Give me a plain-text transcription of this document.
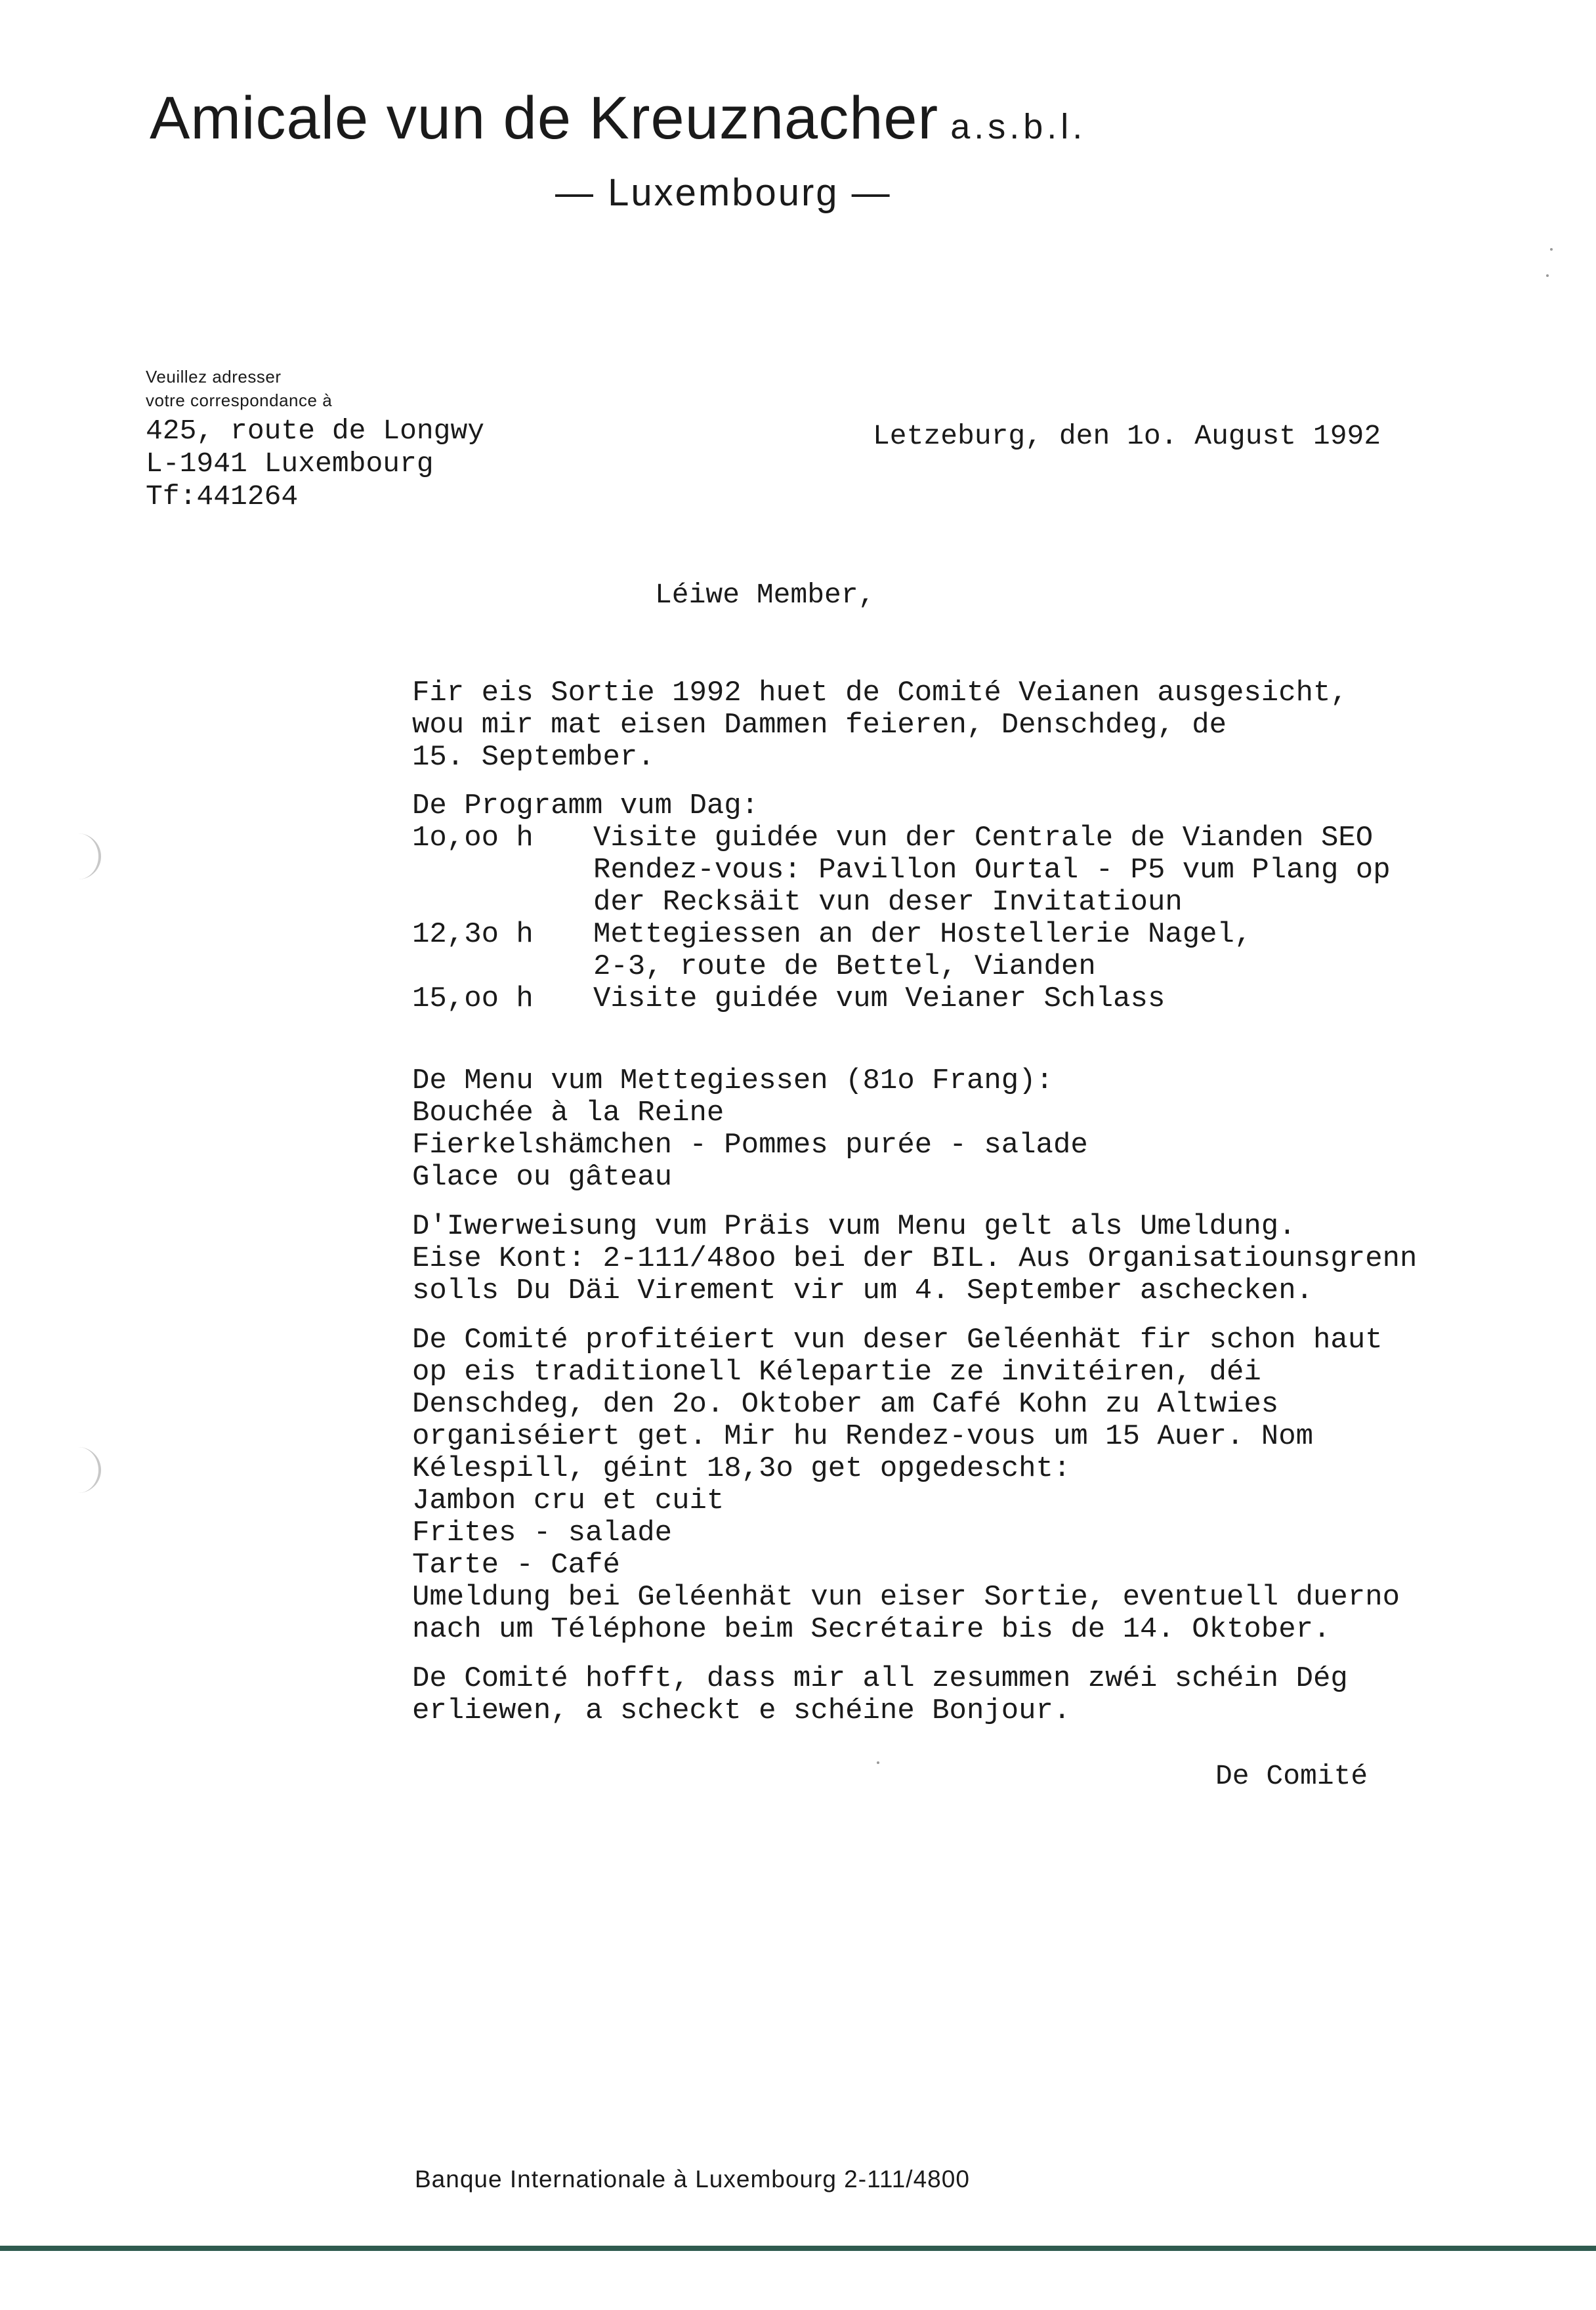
Amicale vun de Kreuznacher a.s.b.l.
— Luxembourg —
Veuillez adresser
votre correspondance à
425, route de Longwy
L-1941 Luxembourg
Tf:441264
Letzeburg, den 1o. August 1992
Léiwe Member,
Fir eis Sortie 1992 huet de Comité Veianen ausgesicht,
wou mir mat eisen Dammen feieren, Denschdeg, de
15. September.
De Programm vum Dag:

1o,oo h

Visite guidée vun der Centrale de Vianden SEO
Rendez-vous: Pavillon Ourtal - P5 vum Plang op
der Recksäit vun deser Invitatioun

12,3o h

Mettegiessen an der Hostellerie Nagel,
2-3, route de Bettel, Vianden

15,oo h

Visite guidée vum Veianer Schlass

De Menu vum Mettegiessen (81o Frang):
Bouchée à la Reine
Fierkelshämchen - Pommes purée - salade
Glace ou gâteau
D'Iwerweisung vum Präis vum Menu gelt als Umeldung.
Eise Kont: 2-111/48oo bei der BIL. Aus Organisatiounsgrenn
solls Du Däi Virement vir um 4. September aschecken.
De Comité profitéiert vun deser Geléenhät fir schon haut
op eis traditionell Kélepartie ze invitéiren, déi
Denschdeg, den 2o. Oktober am Café Kohn zu Altwies
organiséiert get. Mir hu Rendez-vous um 15 Auer. Nom
Kélespill, géint 18,3o get opgedescht:
Jambon cru et cuit
Frites - salade
Tarte - Café
Umeldung bei Geléenhät vun eiser Sortie, eventuell duerno
nach um Téléphone beim Secrétaire bis de 14. Oktober.
De Comité hofft, dass mir all zesummen zwéi schéin Dég
erliewen, a scheckt e schéine Bonjour.
De Comité
Banque Internationale à Luxembourg 2-111/4800
